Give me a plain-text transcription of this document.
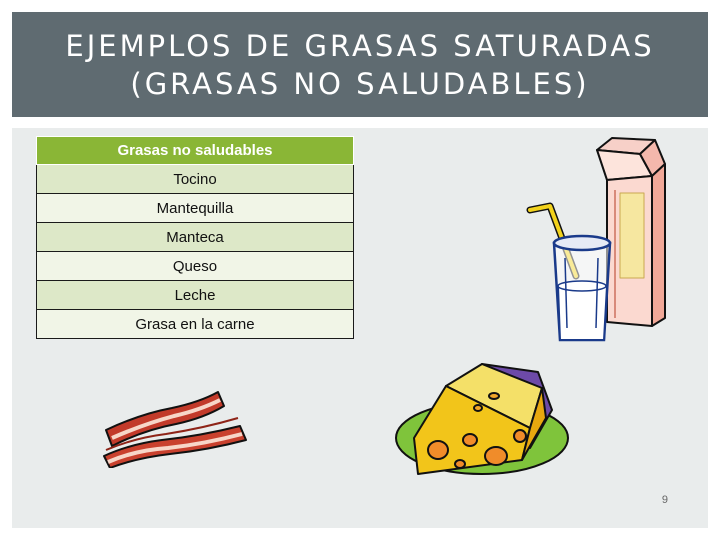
EJEMPLOS DE GRASAS SATURADAS
(GRASAS NO SALUDABLES)
Grasas no saludables
Tocino
Mantequilla
Manteca
Queso
Leche
Grasa en la carne
9
